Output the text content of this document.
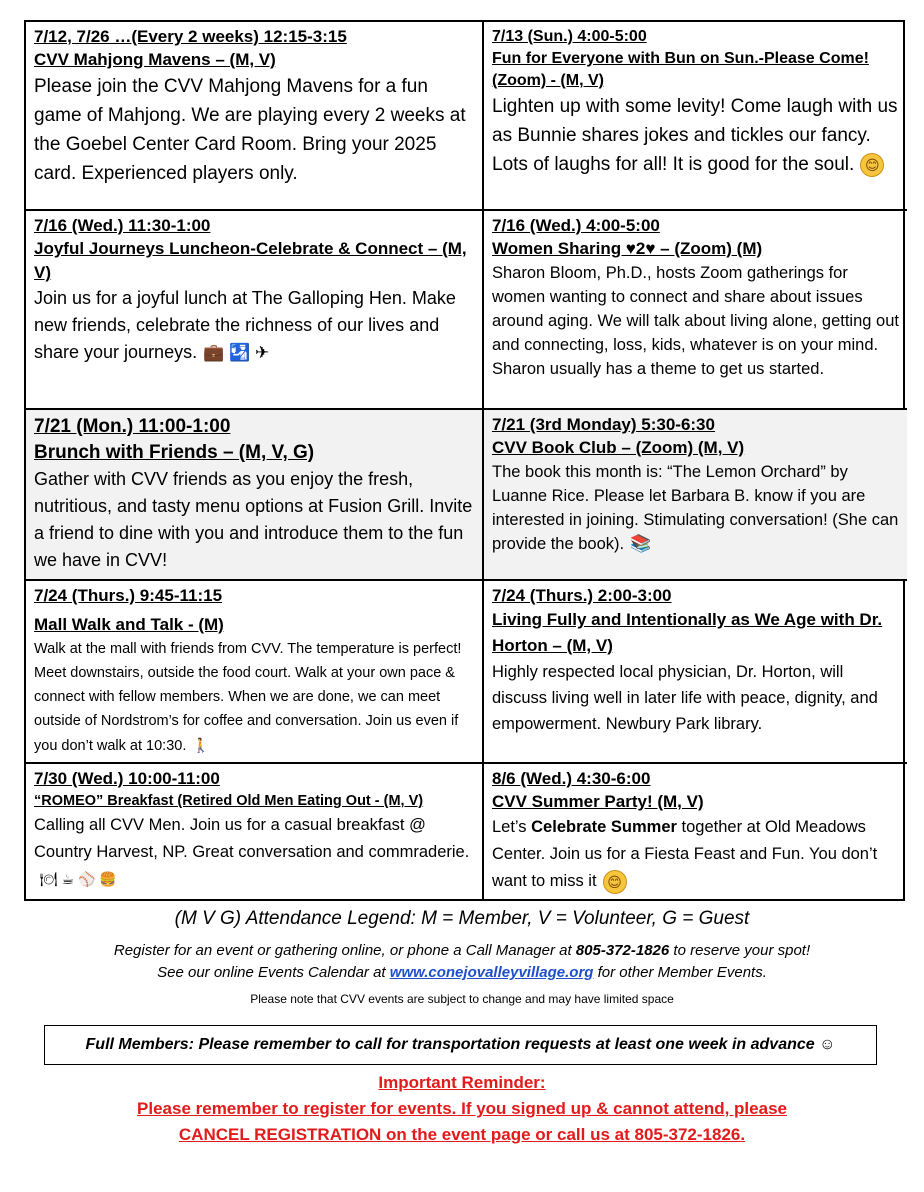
7/12, 7/26 …(Every 2 weeks) 12:15-3:15
CVV Mahjong Mavens – (M, V)
Please join the CVV Mahjong Mavens for a fun game of Mahjong. We are playing every 2 weeks at the Goebel Center Card Room. Bring your 2025 card. Experienced players only.
7/13 (Sun.) 4:00-5:00
Fun for Everyone with Bun on Sun.-Please Come! (Zoom) - (M, V)
Lighten up with some levity! Come laugh with us as Bunnie shares jokes and tickles our fancy. Lots of laughs for all! It is good for the soul. 😊
7/16 (Wed.) 11:30-1:00
Joyful Journeys Luncheon-Celebrate & Connect – (M, V)
Join us for a joyful lunch at The Galloping Hen. Make new friends, celebrate the richness of our lives and share your journeys. 💼 🛂 ✈
7/16 (Wed.) 4:00-5:00
Women Sharing ♥2♥ – (Zoom) (M)
Sharon Bloom, Ph.D., hosts Zoom gatherings for women wanting to connect and share about issues around aging. We will talk about living alone, getting out and connecting, loss, kids, whatever is on your mind. Sharon usually has a theme to get us started.
7/21 (Mon.) 11:00-1:00
Brunch with Friends – (M, V, G)
Gather with CVV friends as you enjoy the fresh, nutritious, and tasty menu options at Fusion Grill. Invite a friend to dine with you and introduce them to the fun we have in CVV!
7/21 (3rd Monday) 5:30-6:30
CVV Book Club – (Zoom) (M, V)
The book this month is: “The Lemon Orchard” by Luanne Rice. Please let Barbara B. know if you are interested in joining. Stimulating conversation! (She can provide the book). 📚
7/24 (Thurs.) 9:45-11:15
Mall Walk and Talk - (M)
Walk at the mall with friends from CVV. The temperature is perfect! Meet downstairs, outside the food court. Walk at your own pace & connect with fellow members. When we are done, we can meet outside of Nordstrom’s for coffee and conversation. Join us even if you don’t walk at 10:30. 🚶
7/24 (Thurs.) 2:00-3:00
Living Fully and Intentionally as We Age with Dr. Horton – (M, V)
Highly respected local physician, Dr. Horton, will discuss living well in later life with peace, dignity, and empowerment. Newbury Park library.
7/30 (Wed.) 10:00-11:00
“ROMEO” Breakfast (Retired Old Men Eating Out - (M, V)
Calling all CVV Men. Join us for a casual breakfast @ Country Harvest, NP. Great conversation and commraderie.🍽 ☕ ⚾ 🍔
8/6 (Wed.) 4:30-6:00
CVV Summer Party! (M, V)
Let’s Celebrate Summer together at Old Meadows Center. Join us for a Fiesta Feast and Fun. You don’t want to miss it 😊
(M V G) Attendance Legend: M = Member, V = Volunteer, G = Guest
Register for an event or gathering online, or phone a Call Manager at 805-372-1826 to reserve your spot!
See our online Events Calendar at www.conejovalleyvillage.org for other Member Events.
Please note that CVV events are subject to change and may have limited space
Full Members: Please remember to call for transportation requests at least one week in advance ☺
Important Reminder:
Please remember to register for events. If you signed up & cannot attend, please
CANCEL REGISTRATION on the event page or call us at 805-372-1826.
